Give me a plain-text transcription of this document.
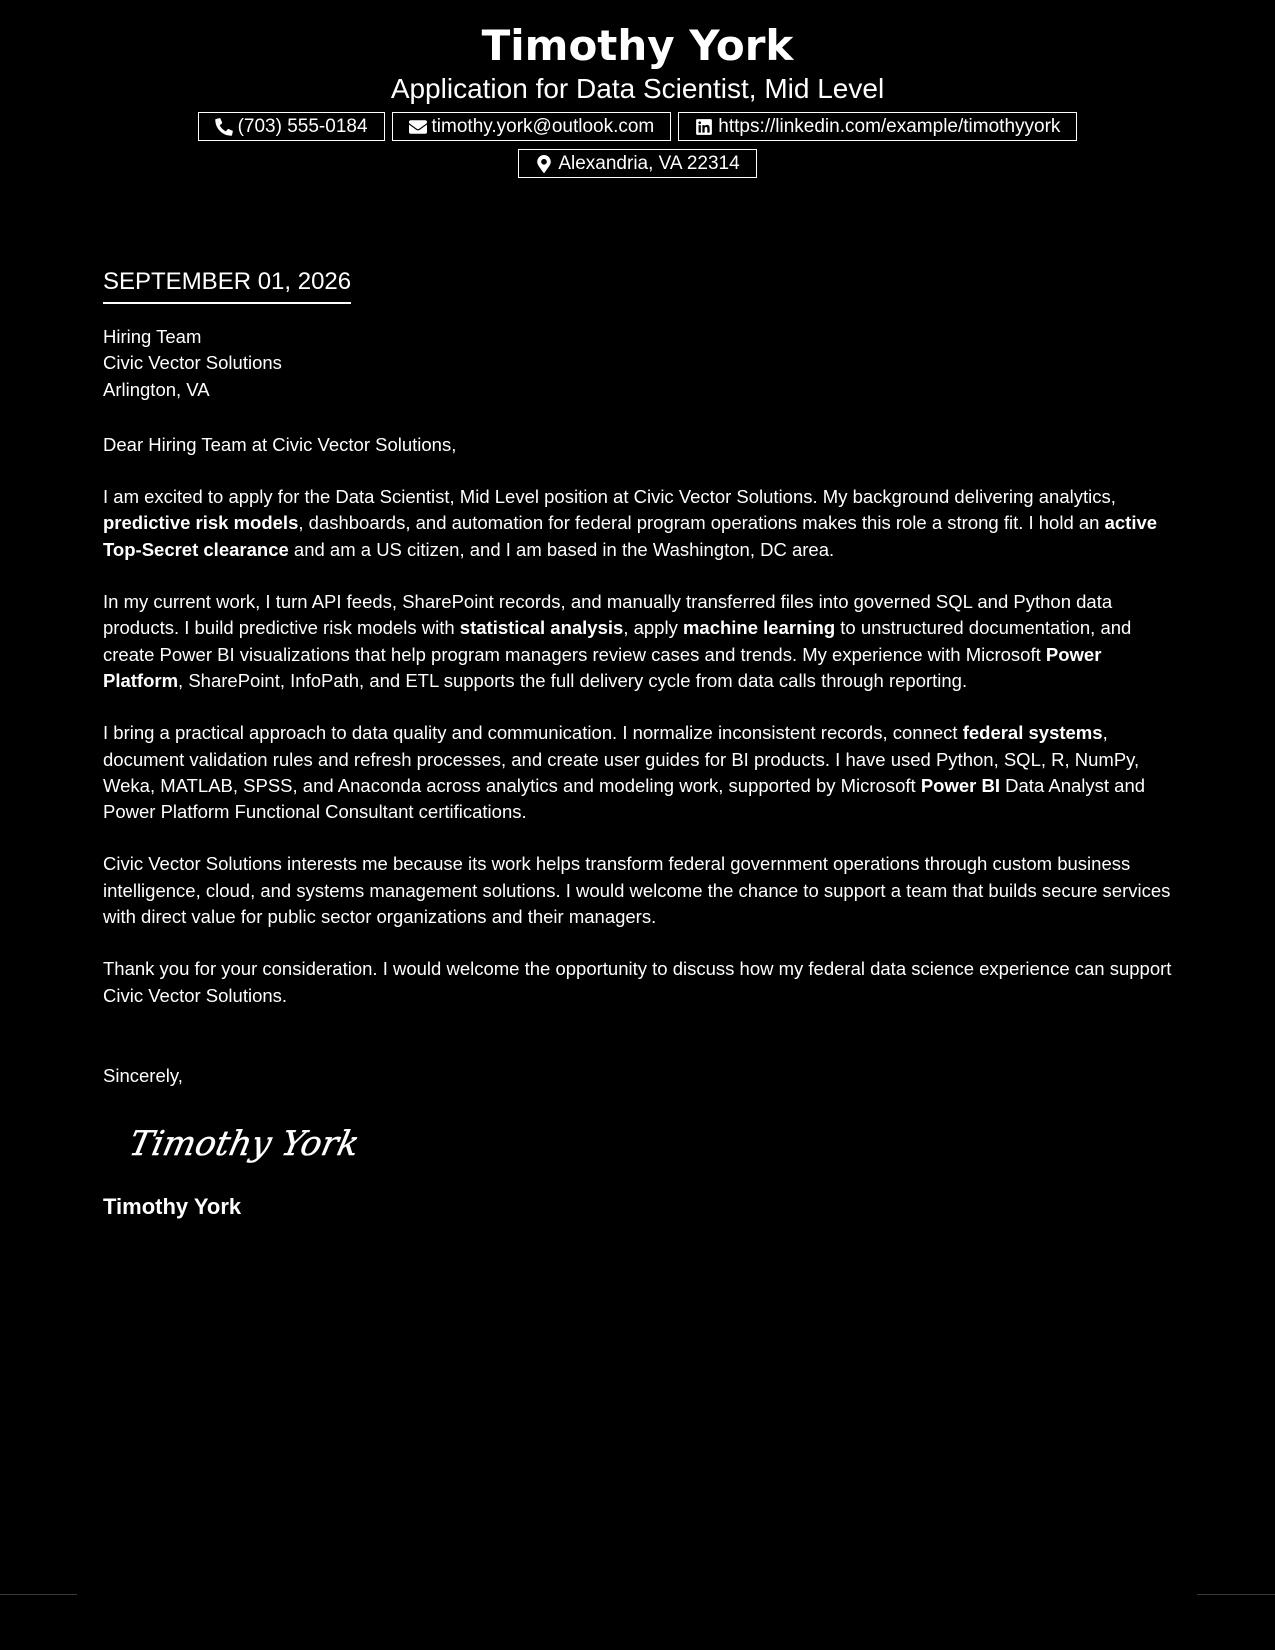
Timothy York
Application for Data Scientist, Mid Level
(703) 555-0184	timothy.york@outlook.com	https://linkedin.com/example/timothyyork
Alexandria, VA 22314
SEPTEMBER 01, 2026
Hiring Team
Civic Vector Solutions
Arlington, VA
Dear Hiring Team at Civic Vector Solutions,

I am excited to apply for the Data Scientist, Mid Level position at Civic Vector Solutions. My background delivering analytics, predictive risk models, dashboards, and automation for federal program operations makes this role a strong fit. I hold an active Top-Secret clearance and am a US citizen, and I am based in the Washington, DC area.

In my current work, I turn API feeds, SharePoint records, and manually transferred files into governed SQL and Python data products. I build predictive risk models with statistical analysis, apply machine learning to unstructured documentation, and create Power BI visualizations that help program managers review cases and trends. My experience with Microsoft Power Platform, SharePoint, InfoPath, and ETL supports the full delivery cycle from data calls through reporting.

I bring a practical approach to data quality and communication. I normalize inconsistent records, connect federal systems, document validation rules and refresh processes, and create user guides for BI products. I have used Python, SQL, R, NumPy, Weka, MATLAB, SPSS, and Anaconda across analytics and modeling work, supported by Microsoft Power BI Data Analyst and Power Platform Functional Consultant certifications.

Civic Vector Solutions interests me because its work helps transform federal government operations through custom business intelligence, cloud, and systems management solutions. I would welcome the chance to support a team that builds secure services with direct value for public sector organizations and their managers.

Thank you for your consideration. I would welcome the opportunity to discuss how my federal data science experience can support Civic Vector Solutions.

Sincerely,
Timothy York
Timothy York
